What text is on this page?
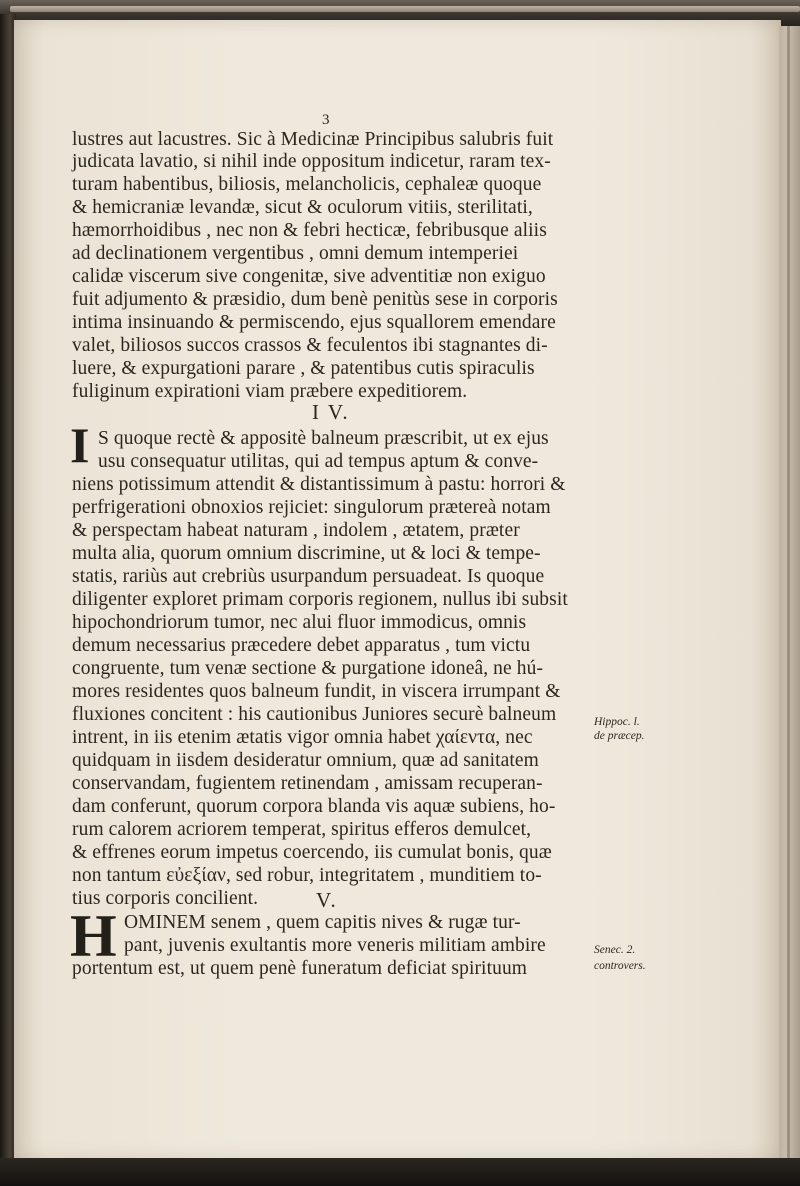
3
lustres aut lacustres. Sic à Medicinæ Principibus salubris fuit
judicata lavatio, si nihil inde oppositum indicetur, raram tex-
turam habentibus, biliosis, melancholicis, cephaleæ quoque
& hemicraniæ levandæ, sicut & oculorum vitiis, sterilitati,
hæmorrhoidibus , nec non & febri hecticæ, febribusque aliis
ad declinationem vergentibus , omni demum intemperiei
calidæ viscerum sive congenitæ, sive adventitiæ non exiguo
fuit adjumento & præsidio, dum benè penitùs sese in corporis
intima insinuando & permiscendo, ejus squallorem emendare
valet, biliosos succos crassos & feculentos ibi stagnantes di-
luere, & expurgationi parare , & patentibus cutis spiraculis
fuliginum expirationi viam præbere expeditiorem.
I V.
I S quoque rectè & appositè balneum præscribit, ut ex ejus
usu consequatur utilitas, qui ad tempus aptum & conve-
niens potissimum attendit & distantissimum à pastu: horrori &
perfrigerationi obnoxios rejiciet: singulorum prætereà notam
& perspectam habeat naturam , indolem , ætatem, præter
multa alia, quorum omnium discrimine, ut & loci & tempe-
statis, rariùs aut crebriùs usurpandum persuadeat. Is quoque
diligenter exploret primam corporis regionem, nullus ibi subsit
hipochondriorum tumor, nec alui fluor immodicus, omnis
demum necessarius præcedere debet apparatus , tum victu
congruente, tum venæ sectione & purgatione idoneâ, ne hú-
mores residentes quos balneum fundit, in viscera irrumpant &
fluxiones concitent : his cautionibus Juniores securè balneum
intrent, in iis etenim ætatis vigor omnia habet χαίεντα, nec
quidquam in iisdem desideratur omnium, quæ ad sanitatem
conservandam, fugientem retinendam , amissam recuperan-
dam conferunt, quorum corpora blanda vis aquæ subiens, ho-
rum calorem acriorem temperat, spiritus efferos demulcet,
& effrenes eorum impetus coercendo, iis cumulat bonis, quæ
non tantum εὐεξίαν, sed robur, integritatem , munditiem to-
tius corporis concilient.
Hippoc. l.
de præcep.
V.
H OMINEM senem , quem capitis nives & rugæ tur-
pant, juvenis exultantis more veneris militiam ambire
portentum est, ut quem penè funeratum deficiat spirituum
Senec. 2.
controvers.
